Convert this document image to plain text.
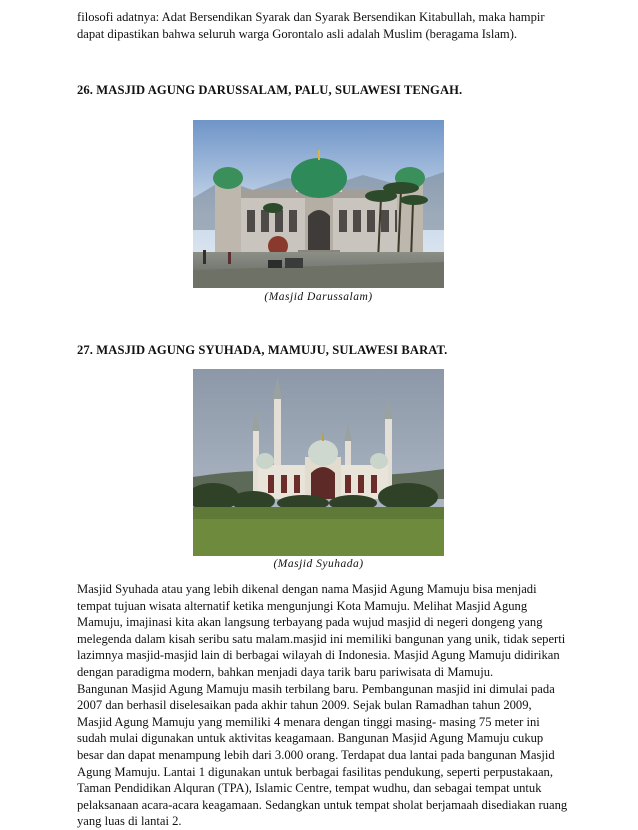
filosofi adatnya: Adat Bersendikan Syarak dan Syarak Bersendikan Kitabullah, maka hampir
dapat dipastikan bahwa seluruh warga Gorontalo asli adalah Muslim (beragama Islam).
26. MASJID AGUNG DARUSSALAM, PALU, SULAWESI TENGAH.
(Masjid Darussalam)
27. MASJID AGUNG SYUHADA, MAMUJU, SULAWESI BARAT.
(Masjid Syuhada)
Masjid Syuhada atau yang lebih dikenal dengan nama Masjid Agung Mamuju bisa menjadi
tempat tujuan wisata alternatif ketika mengunjungi Kota Mamuju. Melihat Masjid Agung
Mamuju, imajinasi kita akan langsung terbayang pada wujud masjid di negeri dongeng yang
melegenda dalam kisah seribu satu malam.masjid ini memiliki bangunan yang unik, tidak seperti
lazimnya masjid-masjid lain di berbagai wilayah di Indonesia. Masjid Agung Mamuju didirikan
dengan paradigma modern, bahkan menjadi daya tarik baru pariwisata di Mamuju.
Bangunan Masjid Agung Mamuju masih terbilang baru. Pembangunan masjid ini dimulai pada
2007 dan berhasil diselesaikan pada akhir tahun 2009. Sejak bulan Ramadhan tahun 2009,
Masjid Agung Mamuju yang memiliki 4 menara dengan tinggi masing- masing 75 meter ini
sudah mulai digunakan untuk aktivitas keagamaan. Bangunan Masjid Agung Mamuju cukup
besar dan dapat menampung lebih dari 3.000 orang. Terdapat dua lantai pada bangunan Masjid
Agung Mamuju. Lantai 1 digunakan untuk berbagai fasilitas pendukung, seperti perpustakaan,
Taman Pendidikan Alquran (TPA), Islamic Centre, tempat wudhu, dan sebagai tempat untuk
pelaksanaan acara-acara keagamaan. Sedangkan untuk tempat sholat berjamaah disediakan ruang
yang luas di lantai 2.
